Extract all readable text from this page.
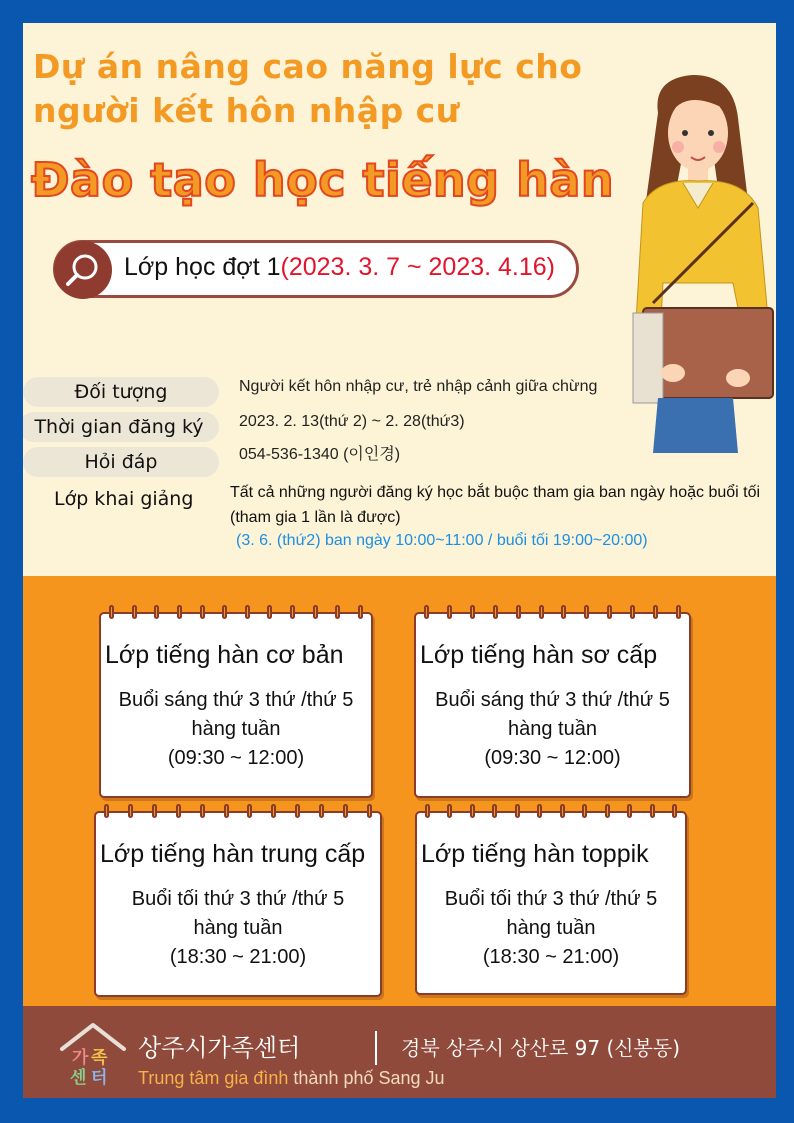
Dự án nâng cao năng lực cho
người kết hôn nhập cư
Đào tạo học tiếng hàn
Lớp học đợt 1(2023. 3. 7 ~ 2023. 4.16)
Đối tượng	Người kết hôn nhập cư, trẻ nhập cảnh giữa chừng
Thời gian đăng ký	2023. 2. 13(thứ 2) ~ 2. 28(thứ3)
Hỏi đáp	054-536-1340 (이인경)
Lớp khai giảng Tất cả những người đăng ký học bắt buộc tham gia ban ngày hoặc buổi tối (tham gia 1 lần là được)
(3. 6. (thứ2) ban ngày 10:00~11:00 / buổi tối 19:00~20:00)
Lớp tiếng hàn cơ bản
Buổi sáng thứ 3 thứ /thứ 5
hàng tuần
(09:30 ~ 12:00)
Lớp tiếng hàn sơ cấp
Buổi sáng thứ 3 thứ /thứ 5
hàng tuần
(09:30 ~ 12:00)
Lớp tiếng hàn trung cấp
Buổi tối thứ 3 thứ /thứ 5
hàng tuần
(18:30 ~ 21:00)
Lớp tiếng hàn toppik
Buổi tối thứ 3 thứ /thứ 5
hàng tuần
(18:30 ~ 21:00)
가 족
센 터
상주시가족센터	경북 상주시 상산로 97 (신봉동)
Trung tâm gia đình thành phố Sang Ju
